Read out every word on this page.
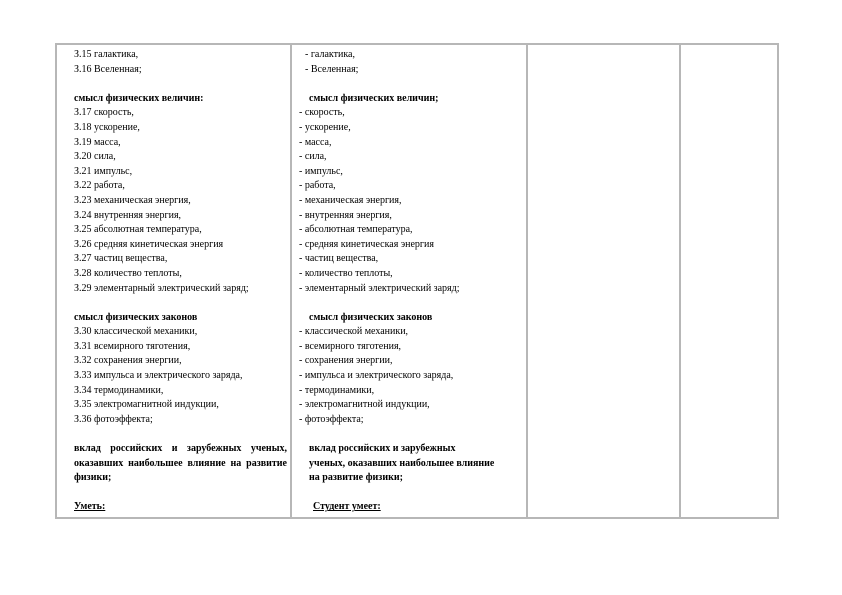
З.15 галактика,
З.16 Вселенная;
смысл физических величин:
З.17 скорость,
З.18 ускорение,
З.19 масса,
З.20 сила,
З.21 импульс,
З.22 работа,
З.23 механическая энергия,
З.24 внутренняя энергия,
З.25 абсолютная температура,
З.26 средняя кинетическая энергия
З.27 частиц вещества,
З.28 количество теплоты,
З.29 элементарный электрический заряд;
смысл физических законов
З.30 классической механики,
З.31 всемирного тяготения,
З.32 сохранения энергии,
З.33 импульса и электрического заряда,
З.34 термодинамики,
З.35 электромагнитной индукции,
З.36 фотоэффекта;
вклад российских и зарубежных ученых, оказавших наибольшее влияние на развитие физики;
Уметь:
- галактика,
- Вселенная;
смысл физических величин;
- скорость,
- ускорение,
- масса,
- сила,
- импульс,
- работа,
- механическая энергия,
- внутренняя энергия,
- абсолютная температура,
- средняя кинетическая энергия
- частиц вещества,
- количество теплоты,
- элементарный электрический заряд;
смысл физических законов
- классической механики,
- всемирного тяготения,
- сохранения энергии,
- импульса и электрического заряда,
- термодинамики,
- электромагнитной индукции,
- фотоэффекта;
вклад российских и зарубежных
ученых, оказавших наибольшее влияние
на развитие физики;
Студент умеет:
